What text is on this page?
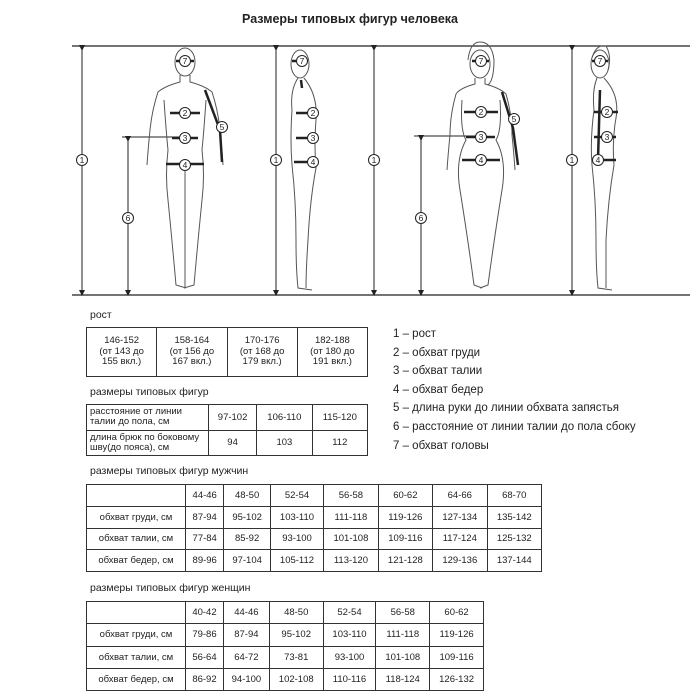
Размеры типовых фигур человека
1	1	1	1
2	2	2	2
3	3	3	3
4	4	4	4
5
5
6	6
7	7	7	7
рост
146-152
(от 143 до
155 вкл.)

158-164
(от 156 до
167 вкл.)

170-176
(от 168 до
179 вкл.)

182-188
(от 180 до
191 вкл.)
1 – рост
2 – обхват груди
3 – обхват талии
4 – обхват бедер
5 – длина руки до линии обхвата запястья
6 – расстояние от линии талии до пола сбоку
7 – обхват головы
размеры типовых фигур
расстояние от линии
талии до пола, см	97-102	106-110	115-120

длина брюк по боковому
шву(до пояса), см	94	103	112
размеры типовых фигур мужчин
	44-46	48-50	52-54	56-58	60-62	64-66	68-70
обхват груди, см	87-94	95-102	103-110	111-118	119-126	127-134	135-142
обхват талии, см	77-84	85-92	93-100	101-108	109-116	117-124	125-132
обхват бедер, см	89-96	97-104	105-112	113-120	121-128	129-136	137-144
размеры типовых фигур женщин
	40-42	44-46	48-50	52-54	56-58	60-62
обхват груди, см	79-86	87-94	95-102	103-110	111-118	119-126
обхват талии, см	56-64	64-72	73-81	93-100	101-108	109-116
обхват бедер, см	86-92	94-100	102-108	110-116	118-124	126-132
